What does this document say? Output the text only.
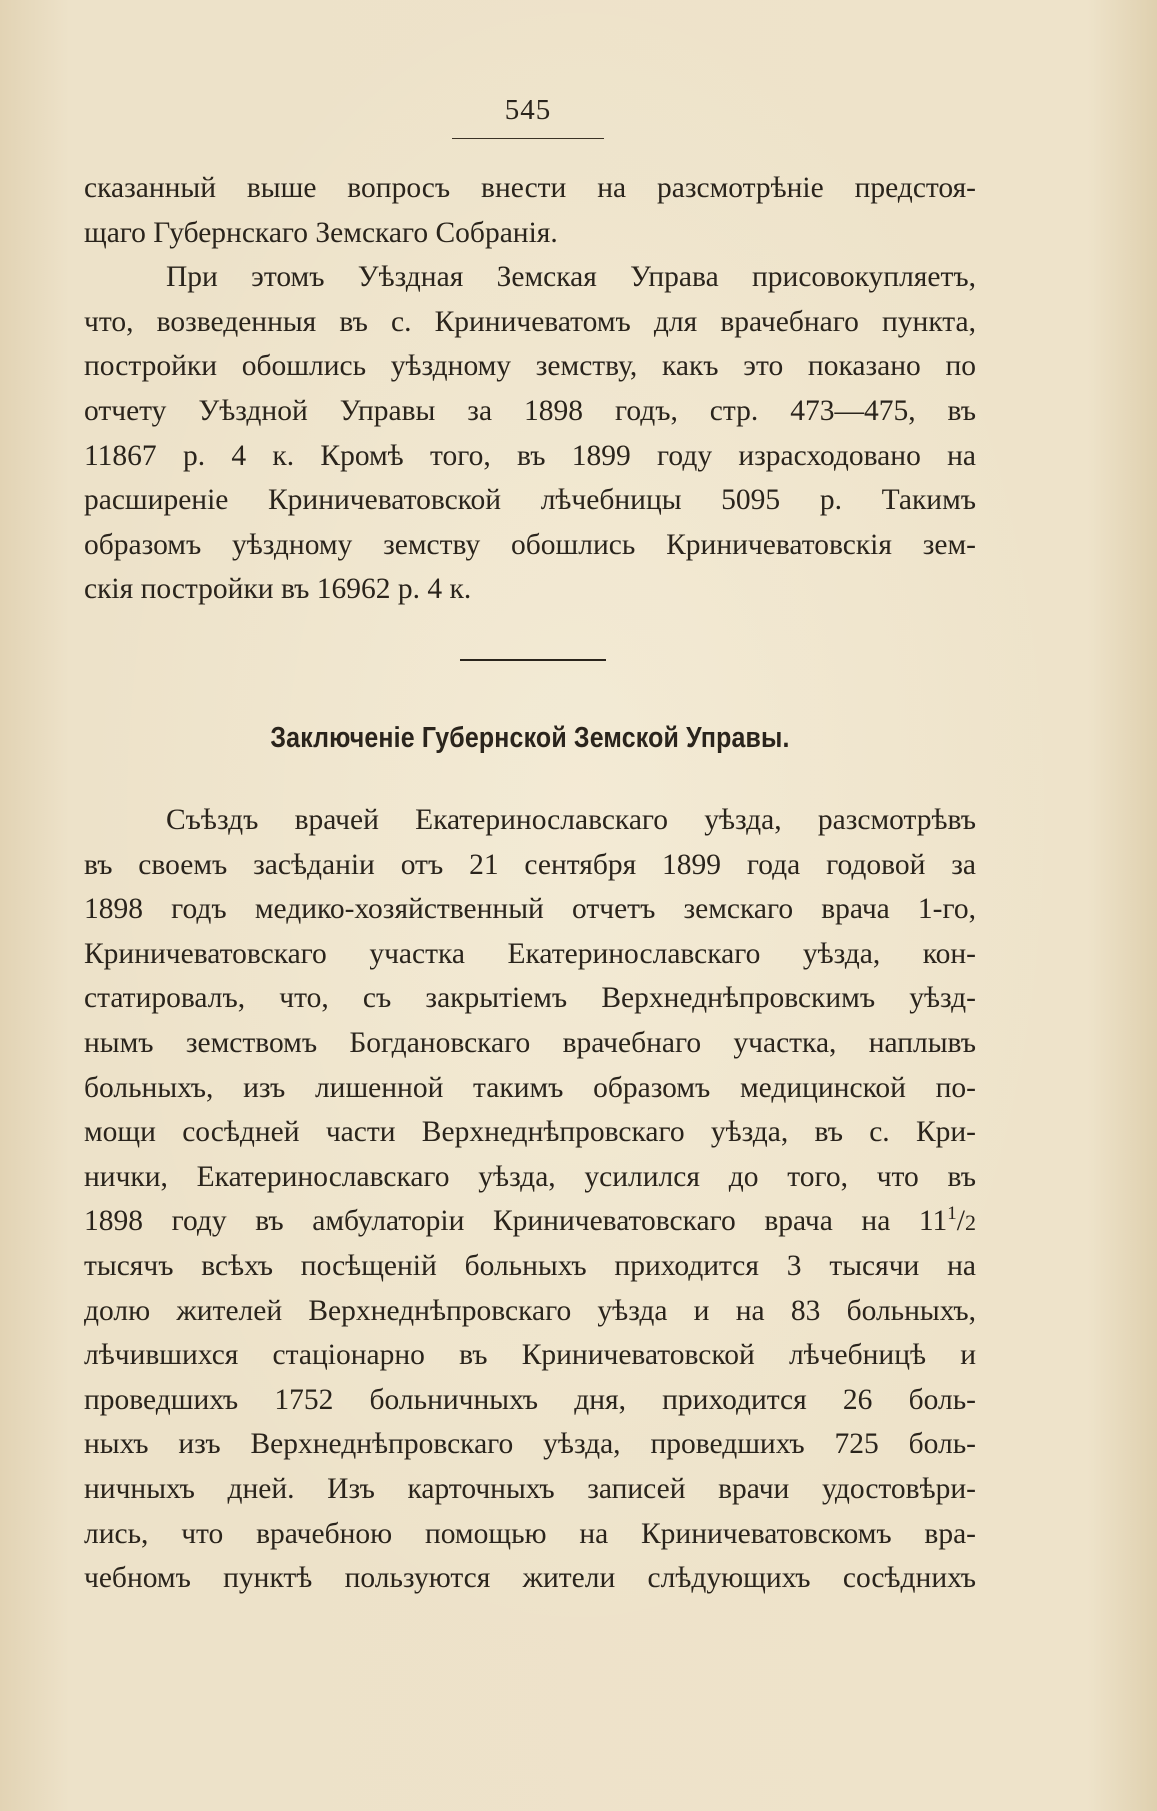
545
сказанный выше вопросъ внести на разсмотрѣніе предстоя-
щаго Губернскаго Земскаго Собранія.
При этомъ Уѣздная Земская Управа присовокупляетъ,
что, возведенныя въ с. Криничеватомъ для врачебнаго пункта,
постройки обошлись уѣздному земству, какъ это показано по
отчету Уѣздной Управы за 1898 годъ, стр. 473—475, въ
11867 р. 4 к. Кромѣ того, въ 1899 году израсходовано на
расширеніе Криничеватовской лѣчебницы 5095 р. Такимъ
образомъ уѣздному земству обошлись Криничеватовскія зем-
скія постройки въ 16962 р. 4 к.
Заключеніе Губернской Земской Управы.
Съѣздъ врачей Екатеринославскаго уѣзда, разсмотрѣвъ
въ своемъ засѣданіи отъ 21 сентября 1899 года годовой за
1898 годъ медико-хозяйственный отчетъ земскаго врача 1-го,
Криничеватовскаго участка Екатеринославскаго уѣзда, кон-
статировалъ, что, съ закрытіемъ Верхнеднѣпровскимъ уѣзд-
нымъ земствомъ Богдановскаго врачебнаго участка, наплывъ
больныхъ, изъ лишенной такимъ образомъ медицинской по-
мощи сосѣдней части Верхнеднѣпровскаго уѣзда, въ с. Кри-
нички, Екатеринославскаго уѣзда, усилился до того, что въ
1898 году въ амбулаторіи Криничеватовскаго врача на $11^1/2$
тысячъ всѣхъ посѣщеній больныхъ приходится 3 тысячи на
долю жителей Верхнеднѣпровскаго уѣзда и на 83 больныхъ,
лѣчившихся стаціонарно въ Криничеватовской лѣчебницѣ и
проведшихъ 1752 больничныхъ дня, приходится 26 боль-
ныхъ изъ Верхнеднѣпровскаго уѣзда, проведшихъ 725 боль-
ничныхъ дней. Изъ карточныхъ записей врачи удостовѣри-
лись, что врачебною помощью на Криничеватовскомъ вра-
чебномъ пунктѣ пользуются жители слѣдующихъ сосѣднихъ
